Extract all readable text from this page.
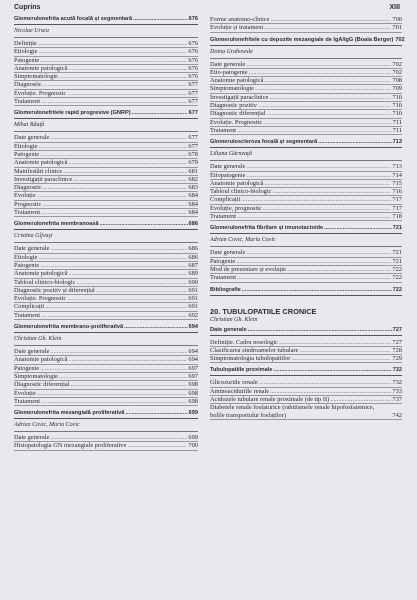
Cuprins	XIII
Glomerulonefrita acută focală și segmentară .....	676
Nicolae Ursea
Definiție .....	676
Etiologie .....	676
Patogenie .....	676
Anatomie patologică .....	676
Simptomatologie .....	676
Diagnostic .....	677
Evoluție. Prognostic .....	677
Tratament .....	677
Glomerulonefritele rapid progresive (GNRP) .....	677
Mihai Răuță
Date generale .....	677
Etiologie .....	677
Patogenie .....	678
Anatomie patologică .....	679
Manifestări clinice .....	681
Investigații paraclinice .....	682
Diagnostic .....	683
Evoluție .....	684
Prognostic .....	684
Tratament .....	684
Glomerulonefrita membranoasă .....	686
Cristina Gîjvaşi
Date generale .....	686
Etiologie .....	686
Patogenie .....	687
Anatomie patologică .....	689
Tabloul clinico-biologic .....	690
Diagnostic pozitiv și diferențial .....	691
Evoluție. Prognostic .....	691
Complicații .....	691
Tratament .....	692
Glomerulonefrita membrano-proliferativă .....	694
Christian Gh. Klein
Date generale .....	694
Anatomie patologică .....	694
Patogenie .....	697
Simptomatologie .....	697
Diagnostic diferențial .....	698
Evoluție .....	698
Tratament .....	698
Glomerulonefrita mezangială proliferativă .....	699
Adrian Covic, Maria Covic
Date generale .....	699
Histopatologia GN mezangiale proliferative .....	700
Forme anatomo-clinice .....	700
Evoluție și tratament .....	701
Glomerulonefritele cu depozite mezangiale de IgA/IgG (Boala Berger) 702
Doina Grabowski
Date generale .....	702
Etio-patogenie .....	702
Anatomie patologică .....	708
Simptomatologie .....	709
Investigații paraclinice .....	710
Diagnostic pozitiv .....	710
Diagnostic diferențial .....	710
Evoluție. Prognostic .....	711
Tratament .....	711
Glomeruloscleroza focală și segmentară .....	713
Liliana Gârneaţă
Date generale .....	713
Etiopatogenie .....	714
Anatomie patologică .....	715
Tabloul clinico-biologic .....	716
Complicații .....	717
Evoluție, prognostic .....	717
Tratament .....	718
Glomerulonefrita fibrilare și imunotactoide .....	721
Adrian Covic, Maria Covic
Date generale .....	721
Patogenie .....	721
Mod de prezentare și evoluție .....	722
Tratament .....	722
Bibliografie .....	722
20. TUBULOPATIILE CRONICE
Christian Gh. Klein
Date generale .....	727
Definiție. Cadru nosologic .....	727
Clasificarea sindroamelor tubulare .....	728
Simptomatologia tubulopatiilor .....	729
Tubulopatiile proximale .....	732
Glicozuriile renale .....	732
Aminoaciduriile renale .....	733
Acidozele tubulare renale proximale (de tip II) .....	737
Diabetele renale fosfaturice (rahitismele renale hipofosfatemice, bolile transportului fosfaților)	742
